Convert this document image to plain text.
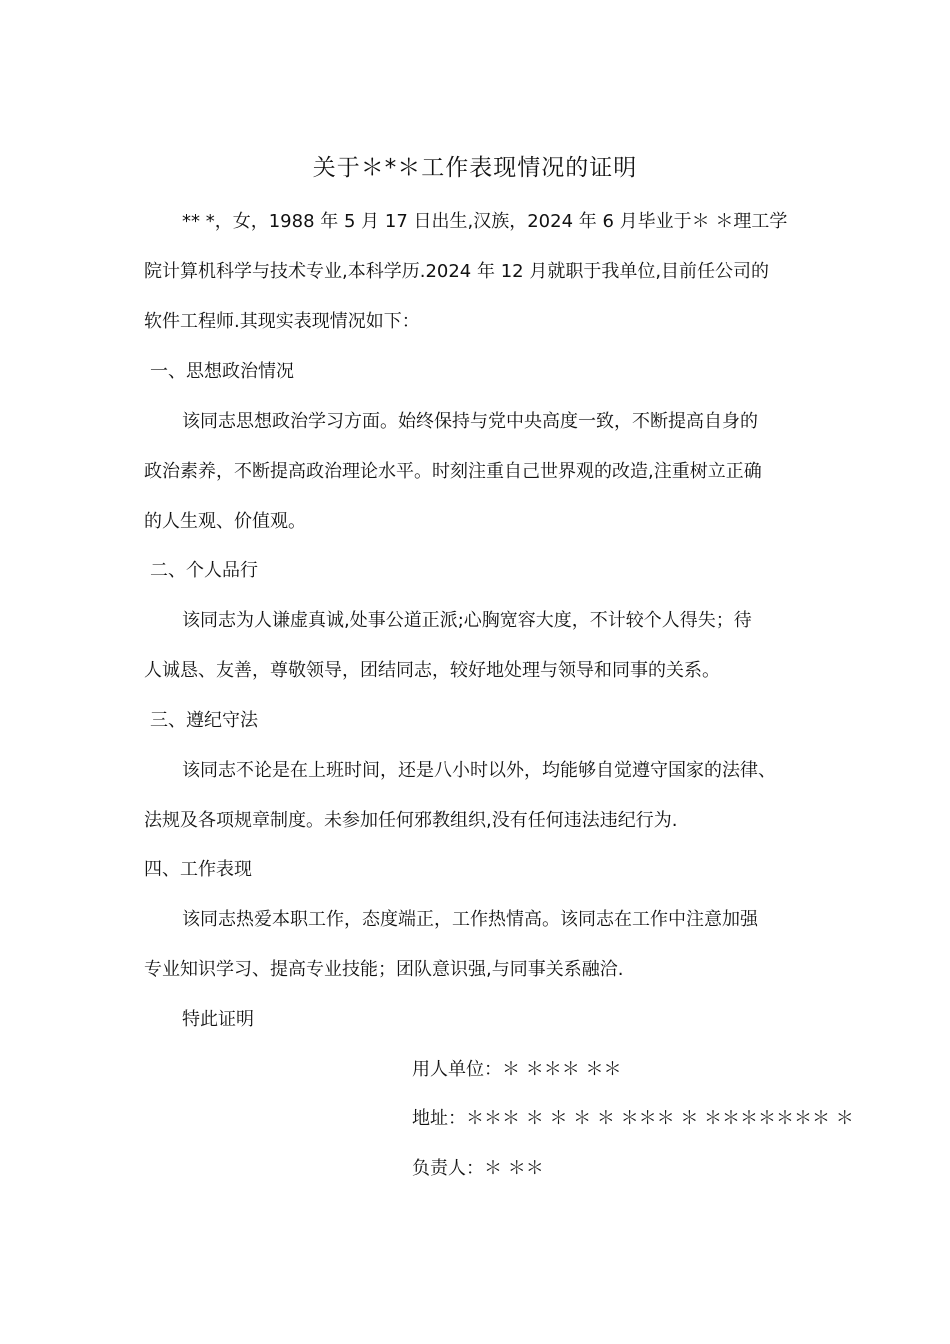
关于＊*＊工作表现情况的证明
** *，女，1988 年 5 月 17 日出生,汉族，2024 年 6 月毕业于＊ ＊理工学
院计算机科学与技术专业,本科学历.2024 年 12 月就职于我单位,目前任公司的
软件工程师.其现实表现情况如下：
一、思想政治情况
该同志思想政治学习方面。始终保持与党中央高度一致，不断提高自身的
政治素养，不断提高政治理论水平。时刻注重自己世界观的改造,注重树立正确
的人生观、价值观。
二、个人品行
该同志为人谦虚真诚,处事公道正派;心胸宽容大度，不计较个人得失；待
人诚恳、友善，尊敬领导，团结同志，较好地处理与领导和同事的关系。
三、遵纪守法
该同志不论是在上班时间，还是八小时以外，均能够自觉遵守国家的法律、
法规及各项规章制度。未参加任何邪教组织,没有任何违法违纪行为.
四、工作表现
该同志热爱本职工作，态度端正，工作热情高。该同志在工作中注意加强
专业知识学习、提高专业技能；团队意识强,与同事关系融洽.
特此证明
用人单位：＊ ＊＊＊ ＊＊
地址：＊＊＊ ＊ ＊ ＊ ＊ ＊＊＊ ＊ ＊＊＊＊＊＊＊ ＊
负责人：＊ ＊＊
